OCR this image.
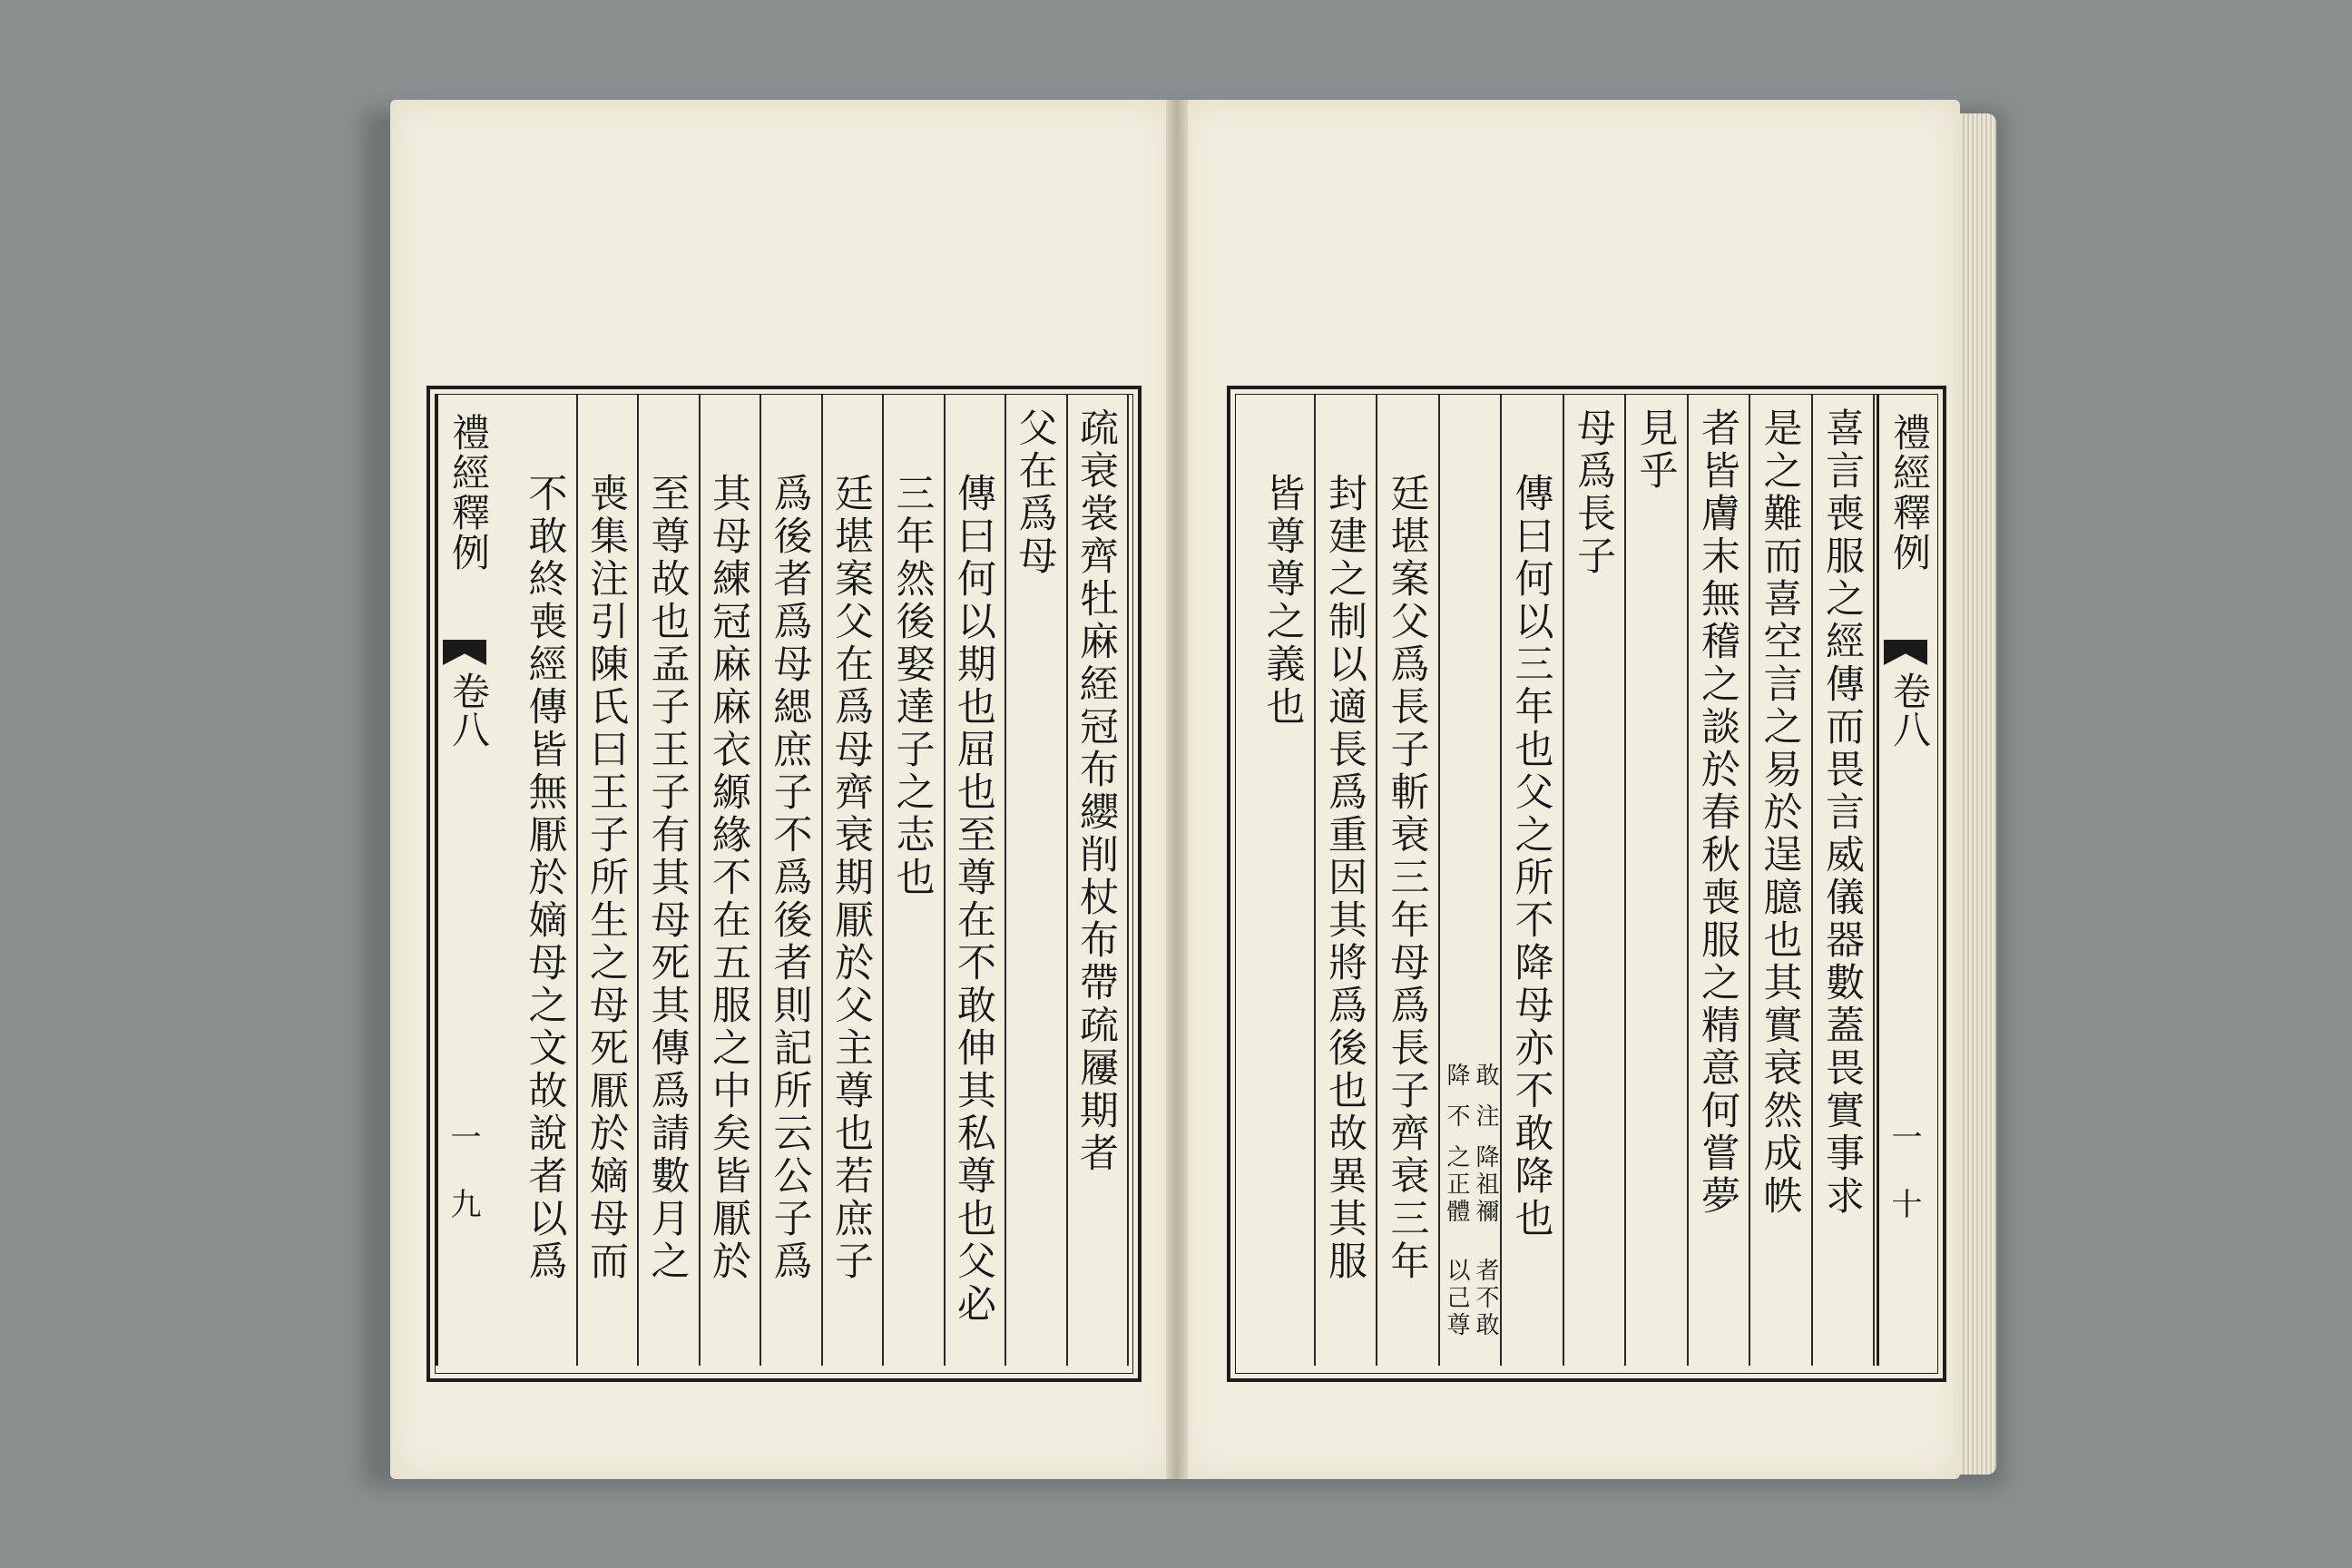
禮經釋例
卷八
一 九	疏衰裳齊牡麻絰冠布纓削杖布帶疏屨期者
父在爲母
傳曰何以期也屈也至尊在不敢伸其私尊也父必
三年然後娶達子之志也
廷堪案父在爲母齊衰期厭於父主尊也若庶子
爲後者爲母緦庶子不爲後者則記所云公子爲
其母練冠麻麻衣縓緣不在五服之中矣皆厭於
至尊故也孟子王子有其母死其傳爲請數月之
喪集注引陳氏曰王子所生之母死厭於嫡母而
不敢終喪經傳皆無厭於嫡母之文故說者以爲	禮經釋例
卷八
一 十
喜言喪服之經傳而畏言威儀器數蓋畏實事求
是之難而喜空言之易於逞臆也其實衰然成帙
者皆膚末無稽之談於春秋喪服之精意何嘗夢
見乎
母爲長子
傳曰何以三年也父之所不降母亦不敢降也
者不敢以己尊
降祖禰之正體
注不
敢降
廷堪案父爲長子斬衰三年母爲長子齊衰三年
封建之制以適長爲重因其將爲後也故異其服
皆尊尊之義也
